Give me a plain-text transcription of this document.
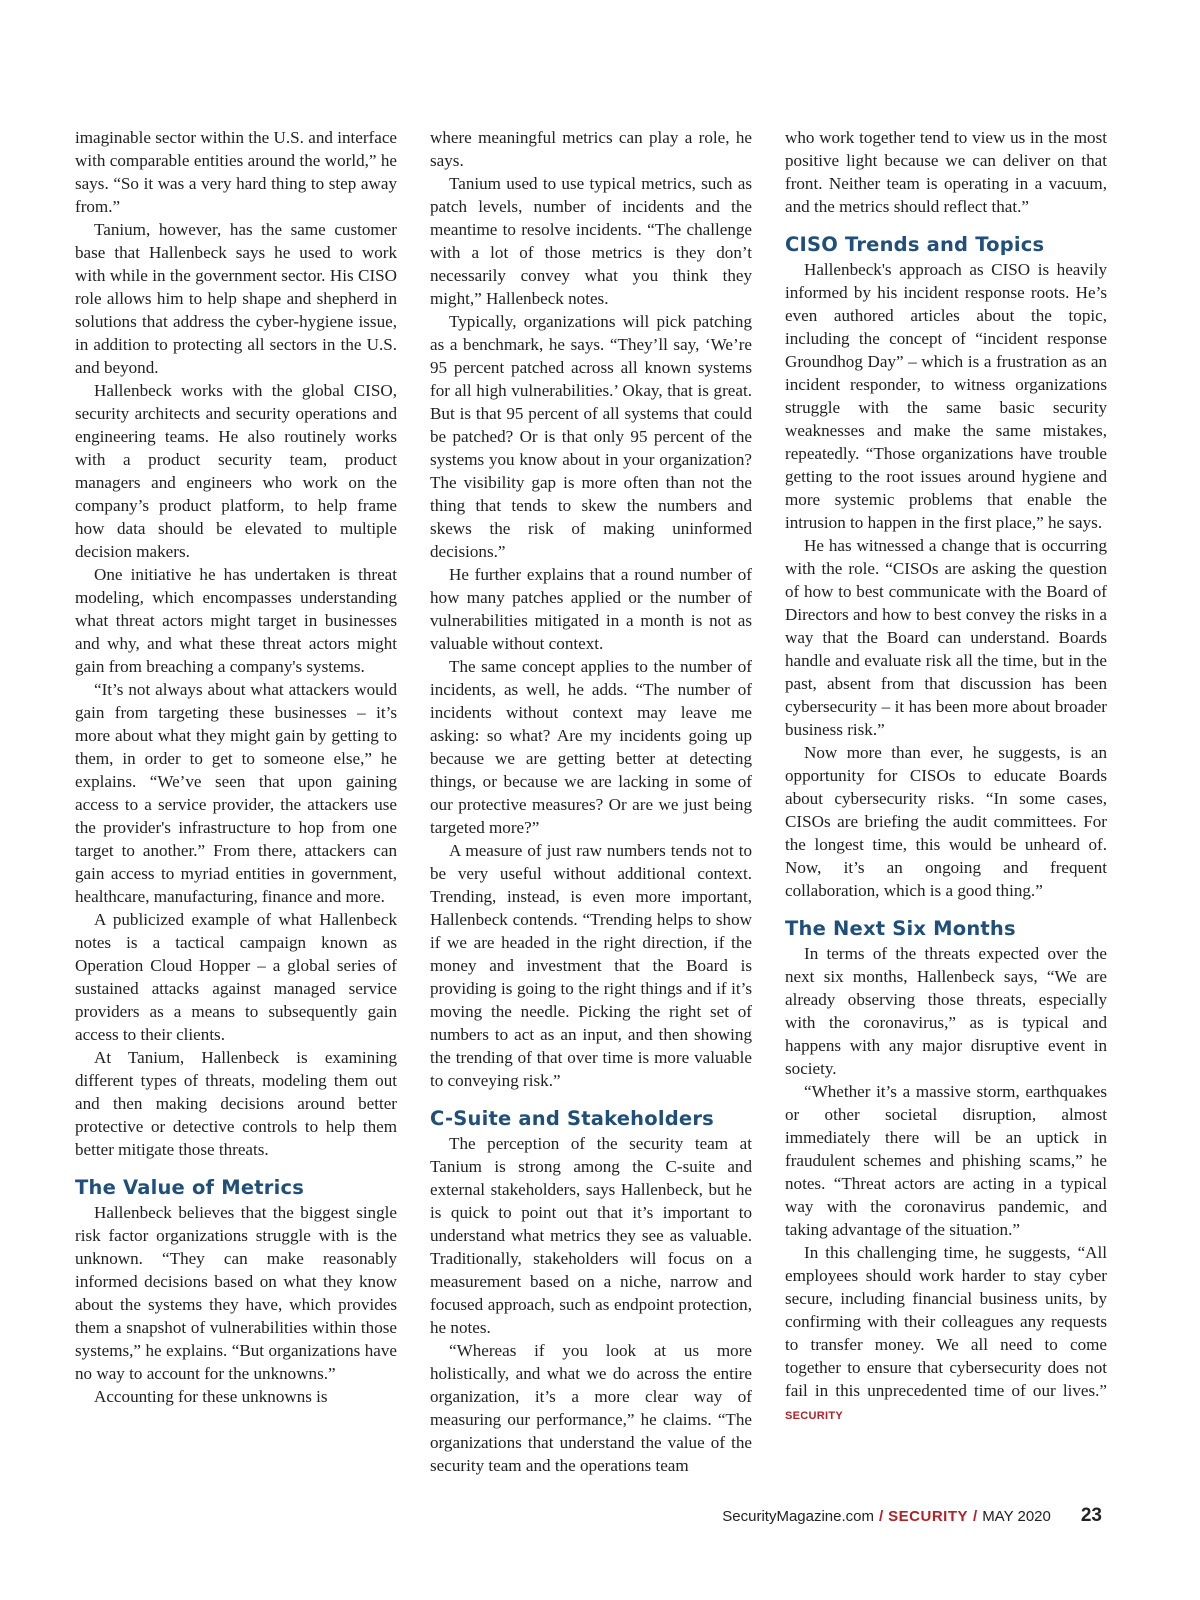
imaginable sector within the U.S. and interface with comparable entities around the world,” he says. “So it was a very hard thing to step away from.”

Tanium, however, has the same customer base that Hallenbeck says he used to work with while in the government sector. His CISO role allows him to help shape and shepherd in solutions that address the cyber-hygiene issue, in addition to protecting all sectors in the U.S. and beyond.

Hallenbeck works with the global CISO, security architects and security operations and engineering teams. He also routinely works with a product security team, product managers and engineers who work on the company’s product platform, to help frame how data should be elevated to multiple decision makers.

One initiative he has undertaken is threat modeling, which encompasses understanding what threat actors might target in businesses and why, and what these threat actors might gain from breaching a company's systems.

“It’s not always about what attackers would gain from targeting these businesses – it’s more about what they might gain by getting to them, in order to get to someone else,” he explains. “We’ve seen that upon gaining access to a service provider, the attackers use the provider's infrastructure to hop from one target to another.” From there, attackers can gain access to myriad entities in government, healthcare, manufacturing, finance and more.

A publicized example of what Hallenbeck notes is a tactical campaign known as Operation Cloud Hopper – a global series of sustained attacks against managed service providers as a means to subsequently gain access to their clients.

At Tanium, Hallenbeck is examining different types of threats, modeling them out and then making decisions around better protective or detective controls to help them better mitigate those threats.

The Value of Metrics

Hallenbeck believes that the biggest single risk factor organizations struggle with is the unknown. “They can make reasonably informed decisions based on what they know about the systems they have, which provides them a snapshot of vulnerabilities within those systems,” he explains. “But organizations have no way to account for the unknowns.”

Accounting for these unknowns is

where meaningful metrics can play a role, he says.

Tanium used to use typical metrics, such as patch levels, number of incidents and the meantime to resolve incidents. “The challenge with a lot of those metrics is they don’t necessarily convey what you think they might,” Hallenbeck notes.

Typically, organizations will pick patching as a benchmark, he says. “They’ll say, ‘We’re 95 percent patched across all known systems for all high vulnerabilities.’ Okay, that is great. But is that 95 percent of all systems that could be patched? Or is that only 95 percent of the systems you know about in your organization? The visibility gap is more often than not the thing that tends to skew the numbers and skews the risk of making uninformed decisions.”

He further explains that a round number of how many patches applied or the number of vulnerabilities mitigated in a month is not as valuable without context.

The same concept applies to the number of incidents, as well, he adds. “The number of incidents without context may leave me asking: so what? Are my incidents going up because we are getting better at detecting things, or because we are lacking in some of our protective measures? Or are we just being targeted more?”

A measure of just raw numbers tends not to be very useful without additional context. Trending, instead, is even more important, Hallenbeck contends. “Trending helps to show if we are headed in the right direction, if the money and investment that the Board is providing is going to the right things and if it’s moving the needle. Picking the right set of numbers to act as an input, and then showing the trending of that over time is more valuable to conveying risk.”

C-Suite and Stakeholders

The perception of the security team at Tanium is strong among the C-suite and external stakeholders, says Hallenbeck, but he is quick to point out that it’s important to understand what metrics they see as valuable. Traditionally, stakeholders will focus on a measurement based on a niche, narrow and focused approach, such as endpoint protection, he notes.

“Whereas if you look at us more holistically, and what we do across the entire organization, it’s a more clear way of measuring our performance,” he claims. “The organizations that understand the value of the security team and the operations team

who work together tend to view us in the most positive light because we can deliver on that front. Neither team is operating in a vacuum, and the metrics should reflect that.”

CISO Trends and Topics

Hallenbeck's approach as CISO is heavily informed by his incident response roots. He’s even authored articles about the topic, including the concept of “incident response Groundhog Day” – which is a frustration as an incident responder, to witness organizations struggle with the same basic security weaknesses and make the same mistakes, repeatedly. “Those organizations have trouble getting to the root issues around hygiene and more systemic problems that enable the intrusion to happen in the first place,” he says.

He has witnessed a change that is occurring with the role. “CISOs are asking the question of how to best communicate with the Board of Directors and how to best convey the risks in a way that the Board can understand. Boards handle and evaluate risk all the time, but in the past, absent from that discussion has been cybersecurity – it has been more about broader business risk.”

Now more than ever, he suggests, is an opportunity for CISOs to educate Boards about cybersecurity risks. “In some cases, CISOs are briefing the audit committees. For the longest time, this would be unheard of. Now, it’s an ongoing and frequent collaboration, which is a good thing.”

The Next Six Months

In terms of the threats expected over the next six months, Hallenbeck says, “We are already observing those threats, especially with the coronavirus,” as is typical and happens with any major disruptive event in society.

“Whether it’s a massive storm, earthquakes or other societal disruption, almost immediately there will be an uptick in fraudulent schemes and phishing scams,” he notes. “Threat actors are acting in a typical way with the coronavirus pandemic, and taking advantage of the situation.”

In this challenging time, he suggests, “All employees should work harder to stay cyber secure, including financial business units, by confirming with their colleagues any requests to transfer money. We all need to come together to ensure that cybersecurity does not fail in this unprecedented time of our lives.” SECURITY

SecurityMagazine.com / SECURITY / MAY 2020 23
